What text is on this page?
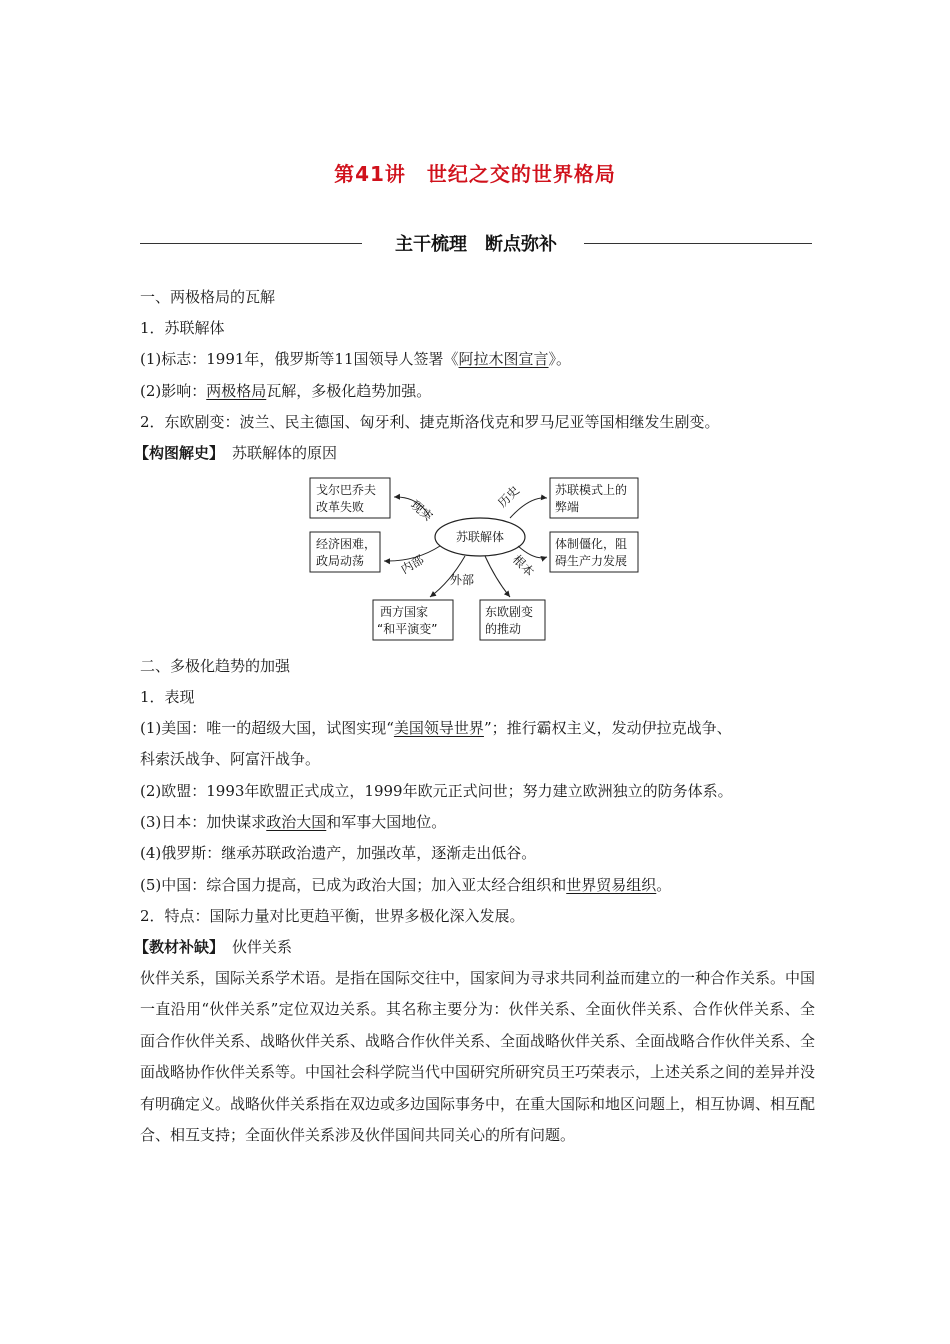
第41讲　世纪之交的世界格局
主干梳理　断点弥补
一、两极格局的瓦解
1．苏联解体
(1)标志：1991年，俄罗斯等11国领导人签署《阿拉木图宣言》。
(2)影响：两极格局瓦解，多极化趋势加强。
2．东欧剧变：波兰、民主德国、匈牙利、捷克斯洛伐克和罗马尼亚等国相继发生剧变。
【构图解史】 苏联解体的原因
苏联解体
戈尔巴乔夫
改革失败
经济困难，
政局动荡
苏联模式上的
弊端
体制僵化，阻
碍生产力发展
西方国家
“和平演变”
东欧剧变
的推动
现实
历史
内部	根本
外部
二、多极化趋势的加强
1．表现
(1)美国：唯一的超级大国，试图实现“美国领导世界”；推行霸权主义，发动伊拉克战争、
科索沃战争、阿富汗战争。
(2)欧盟：1993年欧盟正式成立，1999年欧元正式问世；努力建立欧洲独立的防务体系。
(3)日本：加快谋求政治大国和军事大国地位。
(4)俄罗斯：继承苏联政治遗产，加强改革，逐渐走出低谷。
(5)中国：综合国力提高，已成为政治大国；加入亚太经合组织和世界贸易组织。
2．特点：国际力量对比更趋平衡，世界多极化深入发展。
【教材补缺】 伙伴关系
伙伴关系，国际关系学术语。是指在国际交往中，国家间为寻求共同利益而建立的一种合作关系。中国一直沿用“伙伴关系”定位双边关系。其名称主要分为：伙伴关系、全面伙伴关系、合作伙伴关系、全面合作伙伴关系、战略伙伴关系、战略合作伙伴关系、全面战略伙伴关系、全面战略合作伙伴关系、全面战略协作伙伴关系等。中国社会科学院当代中国研究所研究员王巧荣表示，上述关系之间的差异并没有明确定义。战略伙伴关系指在双边或多边国际事务中，在重大国际和地区问题上，相互协调、相互配合、相互支持；全面伙伴关系涉及伙伴国间共同关心的所有问题。
